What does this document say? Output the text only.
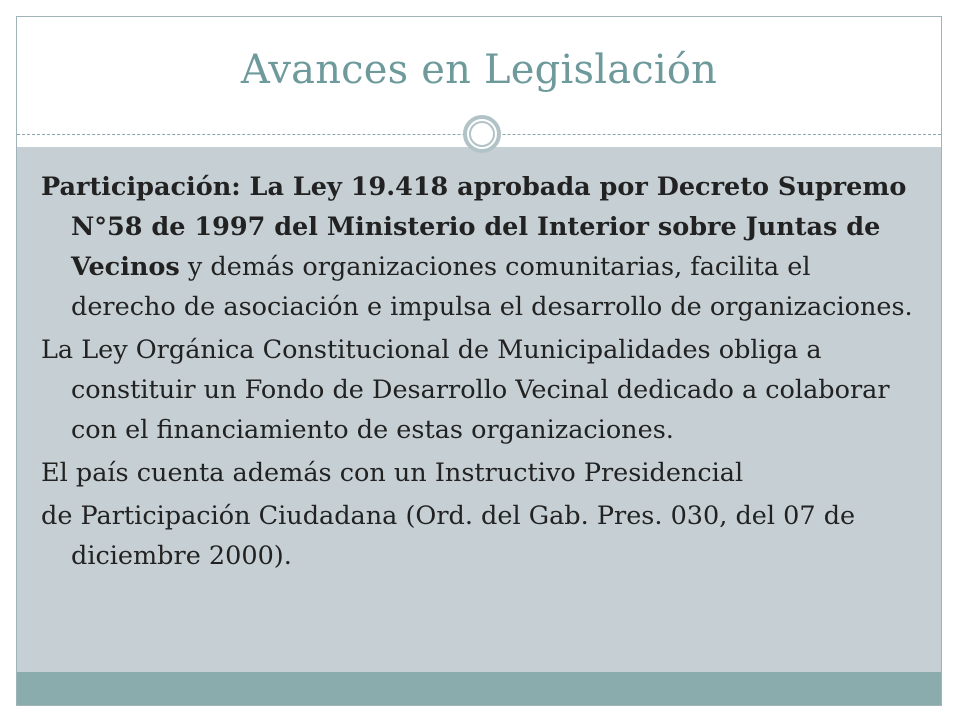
Avances en Legislación

Participación: La Ley 19.418 aprobada por Decreto Supremo N°58 de 1997 del Ministerio del Interior sobre Juntas de Vecinos y demás organizaciones comunitarias, facilita el derecho de asociación e impulsa el desarrollo de organizaciones.

La Ley Orgánica Constitucional de Municipalidades obliga a constituir un Fondo de Desarrollo Vecinal dedicado a colaborar con el financiamiento de estas organizaciones.

El país cuenta además con un Instructivo Presidencial

de Participación Ciudadana (Ord. del Gab. Pres. 030, del 07 de diciembre 2000).
